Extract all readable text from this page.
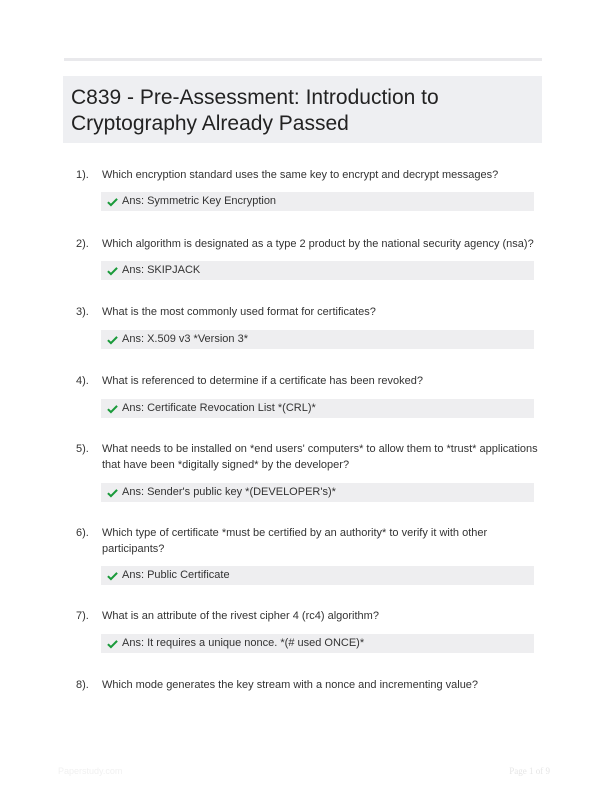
C839 - Pre-Assessment: Introduction to Cryptography Already Passed
1). Which encryption standard uses the same key to encrypt and decrypt messages?
Ans: Symmetric Key Encryption
2). Which algorithm is designated as a type 2 product by the national security agency (nsa)?
Ans: SKIPJACK
3). What is the most commonly used format for certificates?
Ans: X.509 v3 *Version 3*
4). What is referenced to determine if a certificate has been revoked?
Ans: Certificate Revocation List *(CRL)*
5). What needs to be installed on *end users' computers* to allow them to *trust* applications that have been *digitally signed* by the developer?
Ans: Sender's public key *(DEVELOPER's)*
6). Which type of certificate *must be certified by an authority* to verify it with other participants?
Ans: Public Certificate
7). What is an attribute of the rivest cipher 4 (rc4) algorithm?
Ans: It requires a unique nonce. *(# used ONCE)*
8). Which mode generates the key stream with a nonce and incrementing value?
Paperstudy.com	Page 1 of 9
